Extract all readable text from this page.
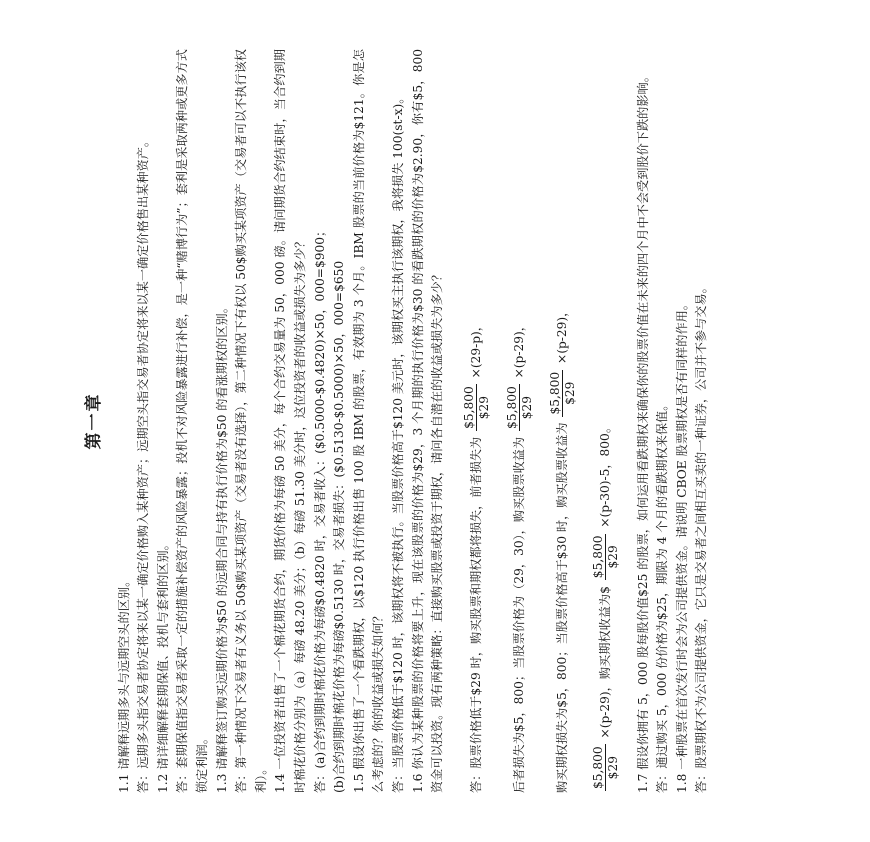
第一章

1.1 请解释远期多头与远期空头的区别。 答：远期多头指交易者协定将来以某一确定价格购入某种资产；远期空头指交易者协定将来以某一确定价格售出某种资产。 1.2 请详细解释套期保值、投机与套利的区别。 答：套期保值指交易者采取一定的措施补偿资产的风险暴露；投机不对风险暴露进行补偿，是一种“赌博行为”；套利是采取两种或更多方式锁定利润。 1.3 请解释签订购买远期价格为$50 的远期合同与持有执行价格为$50 的看涨期权的区别。 答：第一种情况下交易者有义务以 50$购买某项资产（交易者没有选择），第二种情况下有权以 50$购买某项资产（交易者可以不执行该权利）。 1.4 一位投资者出售了一个棉花期货合约，期货价格为每磅 50 美分，每个合约交易量为 50，000 磅。请问期货合约结束时，当合约到期时棉花价格分别为（a）每磅 48.20 美分；（b）每磅 51.30 美分时，这位投资者的收益或损失为多少？ 答：(a)合约到期时棉花价格为每磅$0.4820 时，交易者收入：($0.5000-$0.4820)×50，000=$900； (b)合约到期时棉花价格为每磅$0.5130 时，交易者损失：($0.5130-$0.5000)×50，000=$650 1.5 假设你出售了一个看跌期权，以$120 执行价格出售 100 股 IBM 的股票，有效期为 3 个月。IBM 股票的当前价格为$121。你是怎么考虑的？你的收益或损失如何？ 答：当股票价格低于$120 时，该期权将不被执行。当股票价格高于$120 美元时，该期权买主执行该期权，我将损失 100(st-x)。 1.6 你认为某种股票的价格将要上升，现在该股票的价格为$29，3 个月期的执行价格为$30 的看跌期权的价格为$2.90，你有$5，800 资金可以投资。现有两种策略：直接购买股票或投资于期权，请问各自潜在的收益或损失为多少？	答：股票价格低于$29 时，购买股票和期权都将损失，前者损失为
$5,800 $29
×(29-p)，

后者损失为$5，800；当股票价格为（29，30），购买股票收益为
$5,800 $29
×(p-29)，

购买期权损失为$5，800；当股票价格高于$30 时，购买股票收益为
$5,800 $29
×(p-29)，

$5,800 $29
×(p-29)，购买期权收益为$
$5,800 $29
×(p-30)-5，800。	1.7 假设你拥有 5，000 股每股价值$25 的股票，如何运用看跌期权来确保你的股票价值在未来的四个月中不会受到股价下跌的影响。 答：通过购买 5，000 份价格为$25，期限为 4 个月的看跌期权来保值。 1.8 一种股票在首次发行时会为公司提供资金。请说明 CBOE 股票期权是否有同样的作用。 答：股票期权不为公司提供资金，它只是交易者之间相互买卖的一种证券，公司并不参与交易。
